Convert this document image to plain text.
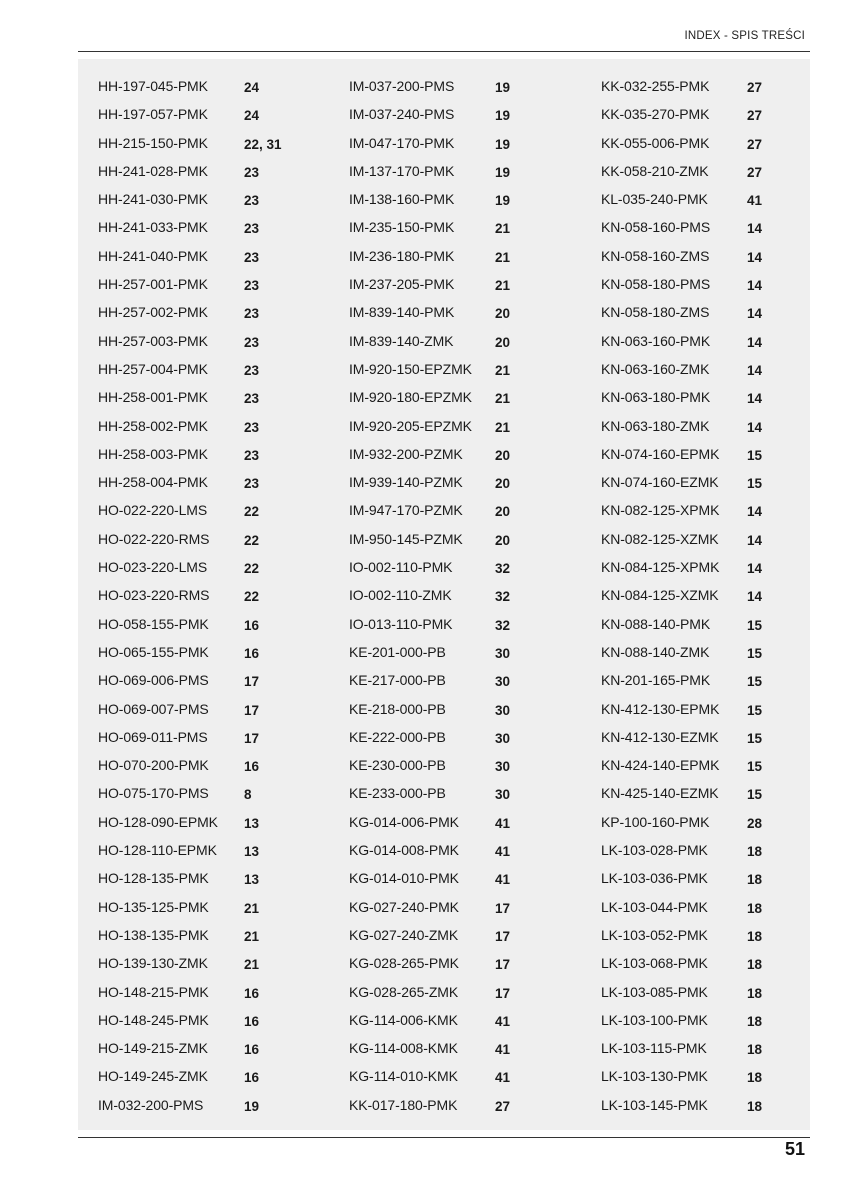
INDEX - SPIS TREŚCI
HH-197-045-PMK	24
HH-197-057-PMK	24
HH-215-150-PMK	22, 31
HH-241-028-PMK	23
HH-241-030-PMK	23
HH-241-033-PMK	23
HH-241-040-PMK	23
HH-257-001-PMK	23
HH-257-002-PMK	23
HH-257-003-PMK	23
HH-257-004-PMK	23
HH-258-001-PMK	23
HH-258-002-PMK	23
HH-258-003-PMK	23
HH-258-004-PMK	23
HO-022-220-LMS	22
HO-022-220-RMS	22
HO-023-220-LMS	22
HO-023-220-RMS	22
HO-058-155-PMK	16
HO-065-155-PMK	16
HO-069-006-PMS	17
HO-069-007-PMS	17
HO-069-011-PMS	17
HO-070-200-PMK	16
HO-075-170-PMS	8
HO-128-090-EPMK 13
HO-128-110-EPMK 13
HO-128-135-PMK	13
HO-135-125-PMK	21
HO-138-135-PMK	21
HO-139-130-ZMK	21
HO-148-215-PMK	16
HO-148-245-PMK	16
HO-149-215-ZMK	16
HO-149-245-ZMK	16
IM-032-200-PMS	19
IM-037-200-PMS	19
IM-037-240-PMS	19
IM-047-170-PMK	19
IM-137-170-PMK	19
IM-138-160-PMK	19
IM-235-150-PMK	21
IM-236-180-PMK	21
IM-237-205-PMK	21
IM-839-140-PMK	20
IM-839-140-ZMK	20
IM-920-150-EPZMK 21
IM-920-180-EPZMK 21
IM-920-205-EPZMK 21
IM-932-200-PZMK 20
IM-939-140-PZMK 20
IM-947-170-PZMK 20
IM-950-145-PZMK 20
IO-002-110-PMK	32
IO-002-110-ZMK	32
IO-013-110-PMK	32
KE-201-000-PB	30
KE-217-000-PB	30
KE-218-000-PB	30
KE-222-000-PB	30
KE-230-000-PB	30
KE-233-000-PB	30
KG-014-006-PMK	41
KG-014-008-PMK	41
KG-014-010-PMK	41
KG-027-240-PMK	17
KG-027-240-ZMK	17
KG-028-265-PMK	17
KG-028-265-ZMK	17
KG-114-006-KMK	41
KG-114-008-KMK	41
KG-114-010-KMK	41
KK-017-180-PMK	27
KK-032-255-PMK	27
KK-035-270-PMK	27
KK-055-006-PMK	27
KK-058-210-ZMK	27
KL-035-240-PMK	41
KN-058-160-PMS	14
KN-058-160-ZMS	14
KN-058-180-PMS	14
KN-058-180-ZMS	14
KN-063-160-PMK	14
KN-063-160-ZMK	14
KN-063-180-PMK	14
KN-063-180-ZMK	14
KN-074-160-EPMK 15
KN-074-160-EZMK 15
KN-082-125-XPMK 14
KN-082-125-XZMK 14
KN-084-125-XPMK 14
KN-084-125-XZMK 14
KN-088-140-PMK	15
KN-088-140-ZMK	15
KN-201-165-PMK	15
KN-412-130-EPMK 15
KN-412-130-EZMK 15
KN-424-140-EPMK 15
KN-425-140-EZMK 15
KP-100-160-PMK	28
LK-103-028-PMK	18
LK-103-036-PMK	18
LK-103-044-PMK	18
LK-103-052-PMK	18
LK-103-068-PMK	18
LK-103-085-PMK	18
LK-103-100-PMK	18
LK-103-115-PMK	18
LK-103-130-PMK	18
LK-103-145-PMK	18
51
